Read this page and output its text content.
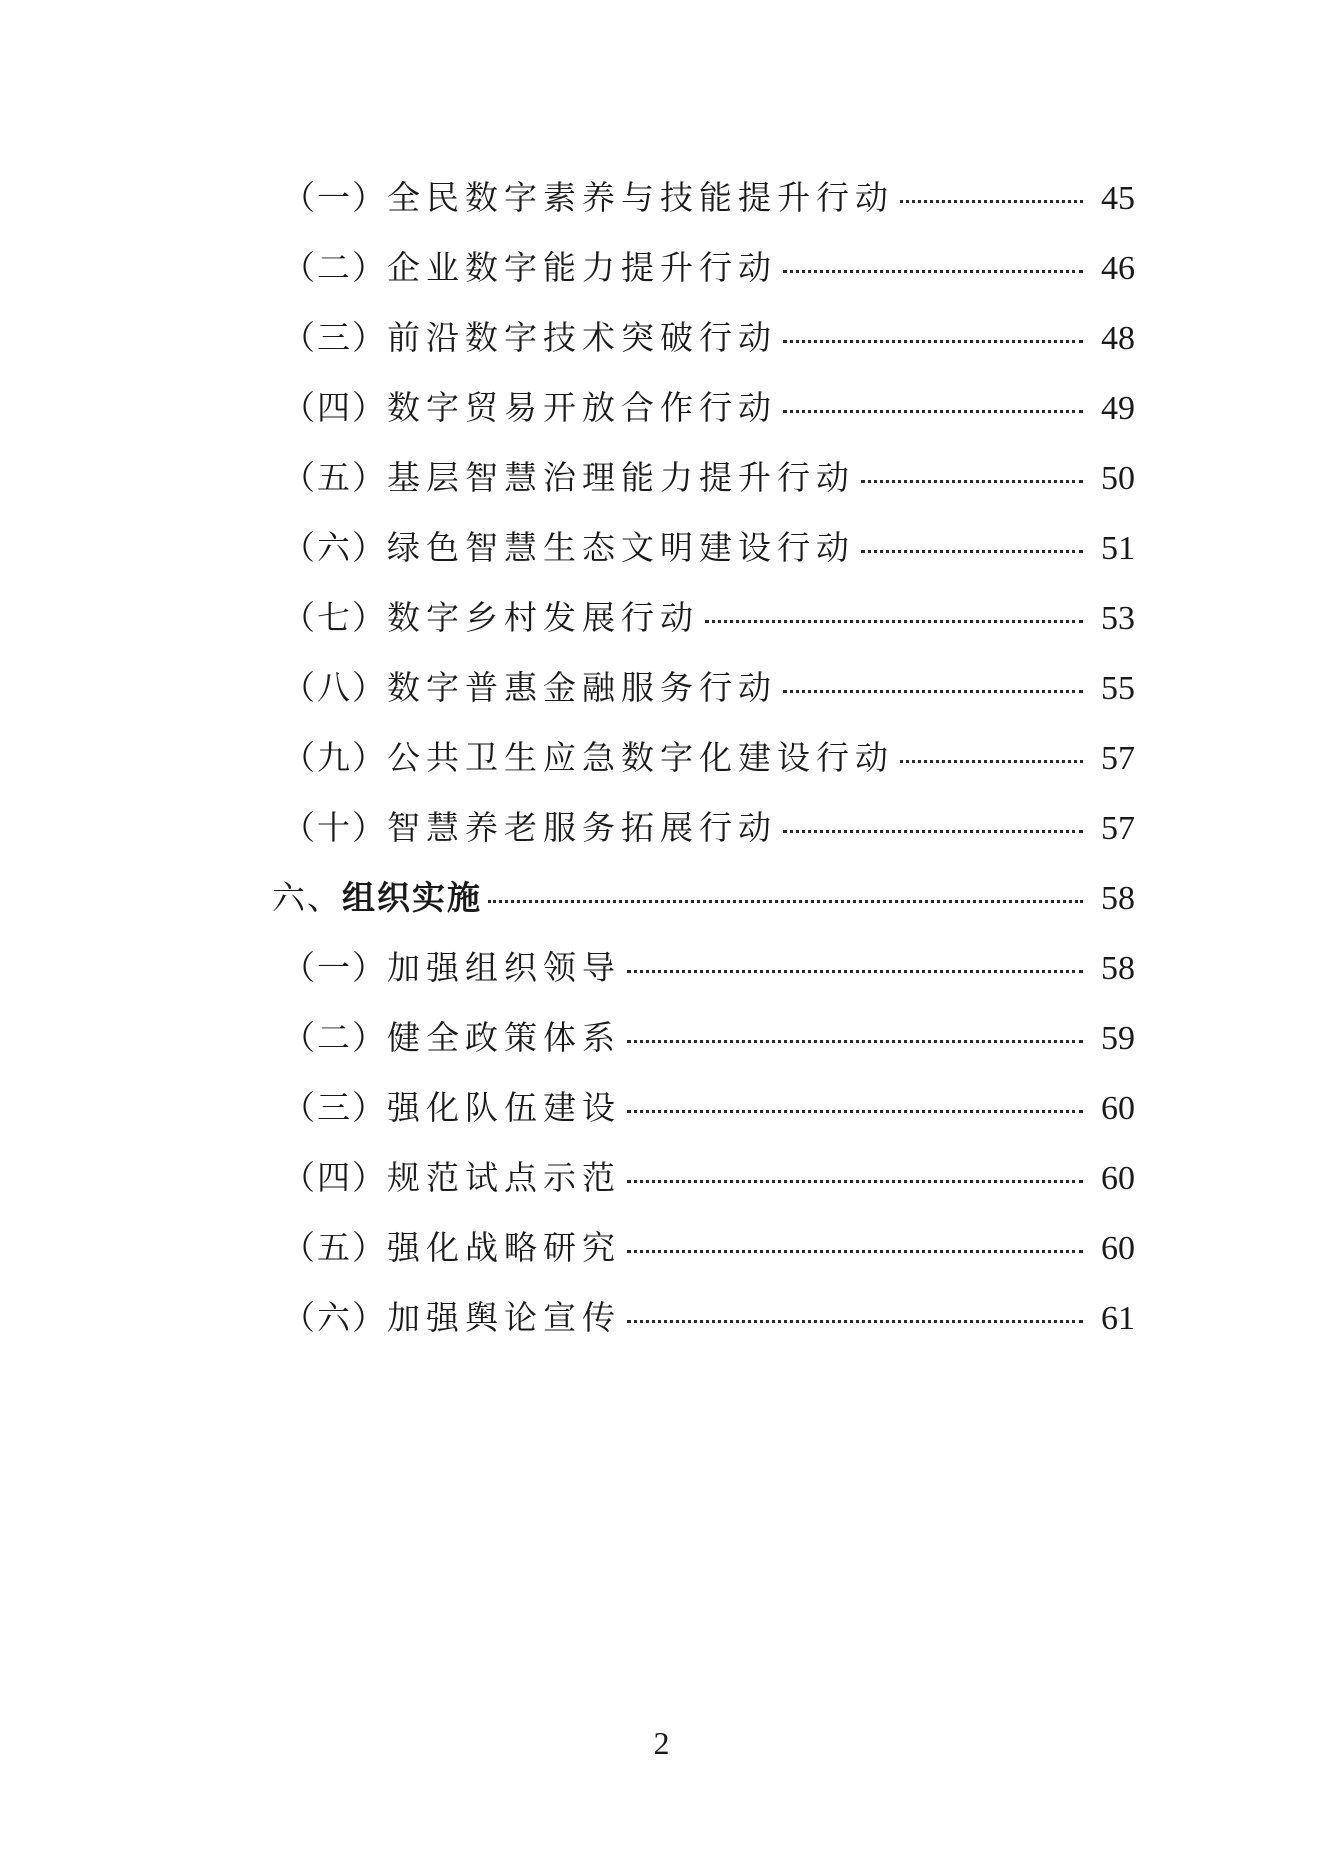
（一） 全民数字素养与技能提升行动	45
（二） 企业数字能力提升行动	46
（三） 前沿数字技术突破行动	48
（四） 数字贸易开放合作行动	49
（五） 基层智慧治理能力提升行动	50
（六） 绿色智慧生态文明建设行动	51
（七） 数字乡村发展行动	53
（八） 数字普惠金融服务行动	55
（九） 公共卫生应急数字化建设行动	57
（十） 智慧养老服务拓展行动	57
六、 组织实施	58
（一） 加强组织领导	58
（二） 健全政策体系	59
（三） 强化队伍建设	60
（四） 规范试点示范	60
（五） 强化战略研究	60
（六） 加强舆论宣传	61
2
